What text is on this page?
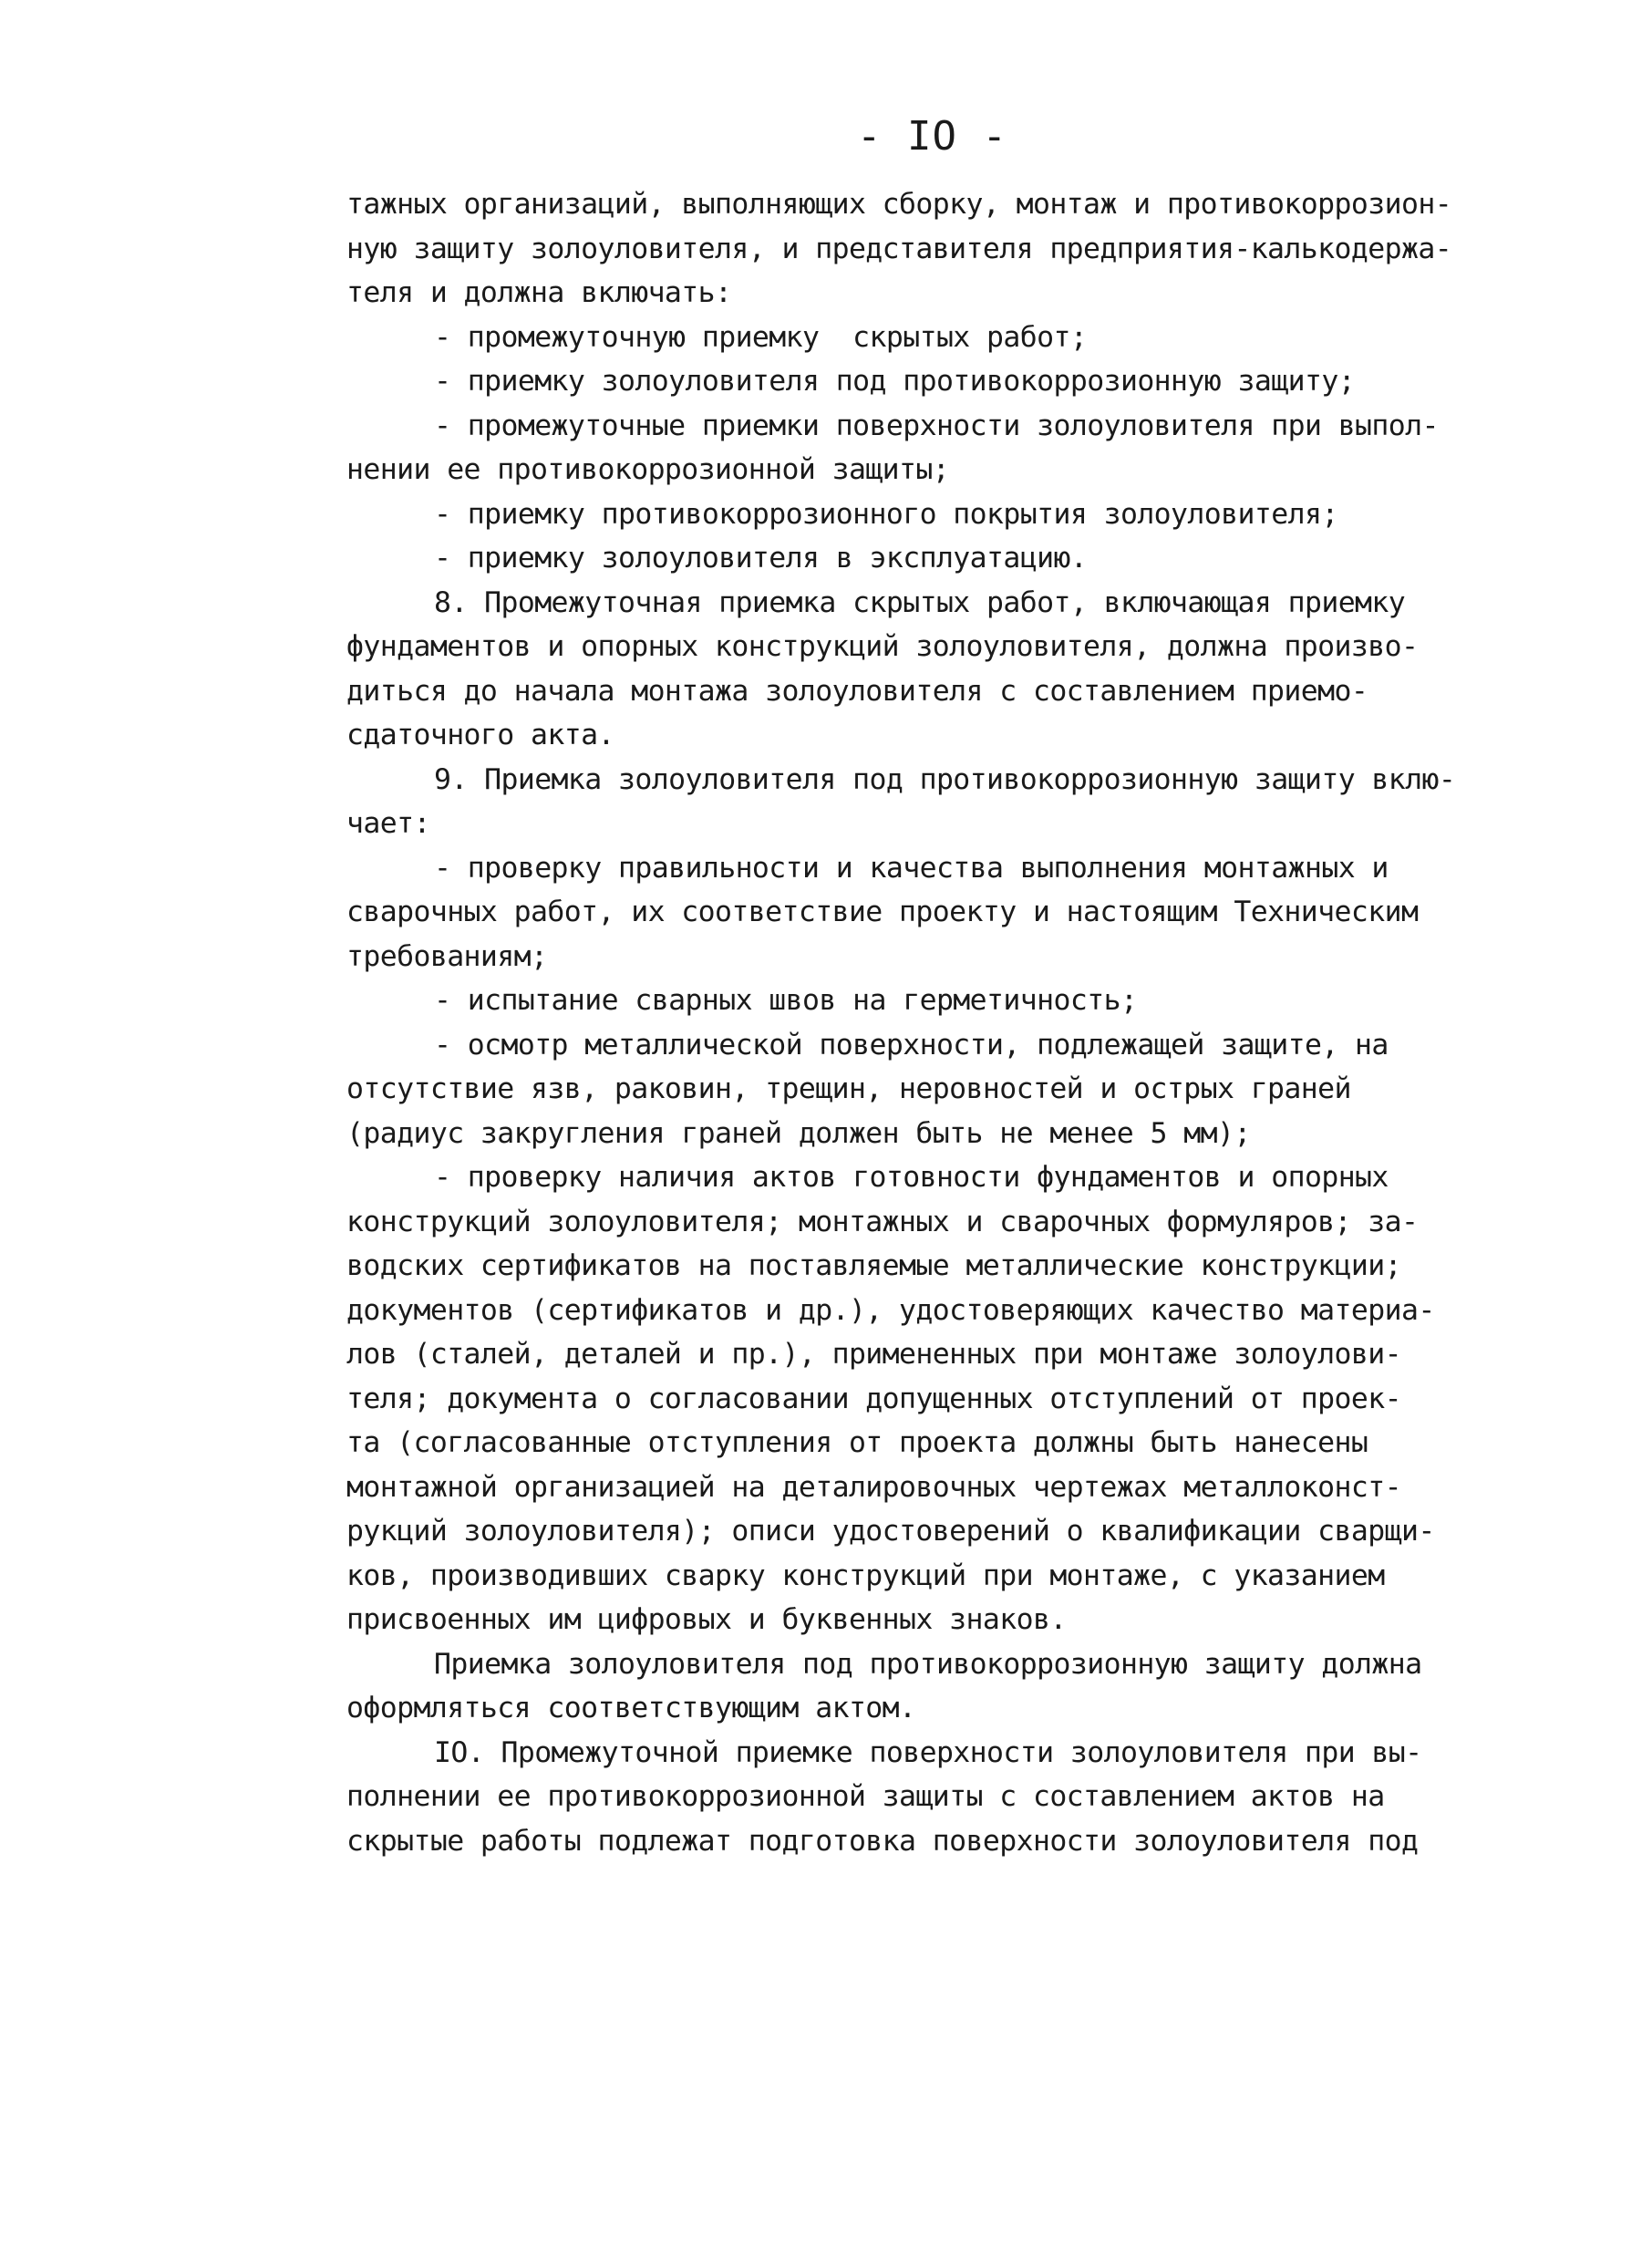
- IO -
тажных организаций, выполняющих сборку, монтаж и противокоррозион-
ную защиту золоуловителя, и представителя предприятия-калькодержа-
теля и должна включать:
- промежуточную приемку  скрытых работ;
- приемку золоуловителя под противокоррозионную защиту;
- промежуточные приемки поверхности золоуловителя при выпол-
нении ее противокоррозионной защиты;
- приемку противокоррозионного покрытия золоуловителя;
- приемку золоуловителя в эксплуатацию.
8. Промежуточная приемка скрытых работ, включающая приемку
фундаментов и опорных конструкций золоуловителя, должна произво-
диться до начала монтажа золоуловителя с составлением приемо-
сдаточного акта.
9. Приемка золоуловителя под противокоррозионную защиту вклю-
чает:
- проверку правильности и качества выполнения монтажных и
сварочных работ, их соответствие проекту и настоящим Техническим
требованиям;
- испытание сварных швов на герметичность;
- осмотр металлической поверхности, подлежащей защите, на
отсутствие язв, раковин, трещин, неровностей и острых граней
(радиус закругления граней должен быть не менее 5 мм);
- проверку наличия актов готовности фундаментов и опорных
конструкций золоуловителя; монтажных и сварочных формуляров; за-
водских сертификатов на поставляемые металлические конструкции;
документов (сертификатов и др.), удостоверяющих качество материа-
лов (сталей, деталей и пр.), примененных при монтаже золоулови-
теля; документа о согласовании допущенных отступлений от проек-
та (согласованные отступления от проекта должны быть нанесены
монтажной организацией на деталировочных чертежах металлоконст-
рукций золоуловителя); описи удостоверений о квалификации сварщи-
ков, производивших сварку конструкций при монтаже, с указанием
присвоенных им цифровых и буквенных знаков.
Приемка золоуловителя под противокоррозионную защиту должна
оформляться соответствующим актом.
IO. Промежуточной приемке поверхности золоуловителя при вы-
полнении ее противокоррозионной защиты с составлением актов на
скрытые работы подлежат подготовка поверхности золоуловителя под
